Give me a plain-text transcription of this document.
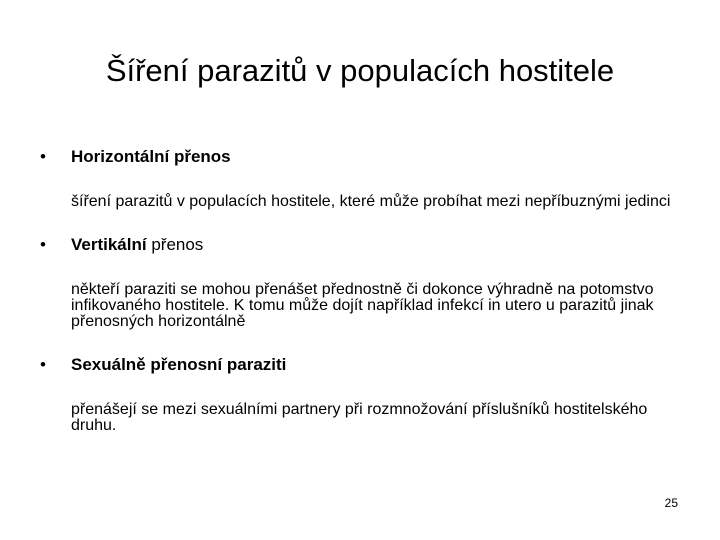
Šíření parazitů v populacích hostitele
• Horizontální přenos
šíření parazitů v populacích hostitele, které může probíhat mezi nepříbuznými jedinci
• Vertikální přenos
někteří paraziti se mohou přenášet přednostně či dokonce výhradně na potomstvo infikovaného hostitele. K tomu může dojít například infekcí in utero u parazitů jinak přenosných horizontálně
• Sexuálně přenosní paraziti
přenášejí se mezi sexuálními partnery při rozmnožování příslušníků hostitelského druhu.
25
